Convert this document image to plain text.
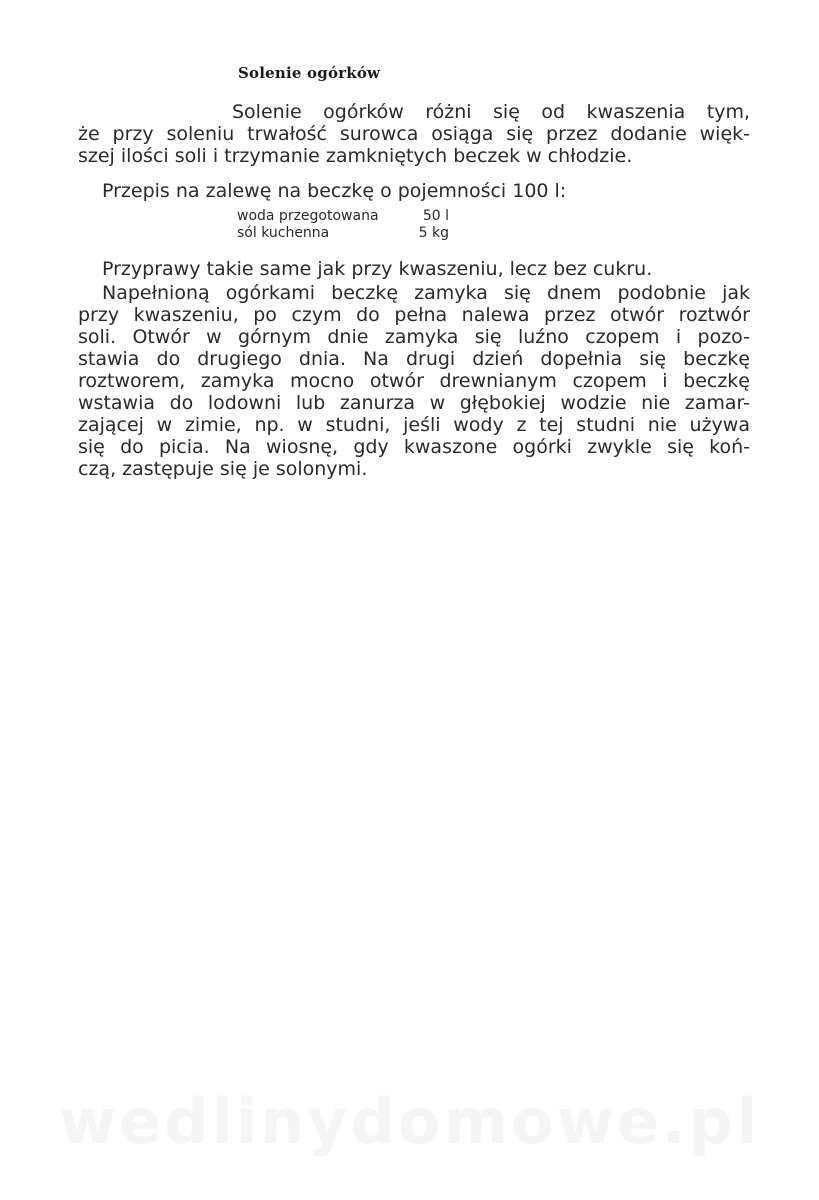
Solenie ogórków
Solenie ogórków różni się od kwaszenia tym,
że przy soleniu trwałość surowca osiąga się przez dodanie więk-
szej ilości soli i trzymanie zamkniętych beczek w chłodzie.
Przepis na zalewę na beczkę o pojemności 100 l:
woda przegotowana	50 l
sól kuchenna	5 kg
Przyprawy takie same jak przy kwaszeniu, lecz bez cukru.
Napełnioną ogórkami beczkę zamyka się dnem podobnie jak
przy kwaszeniu, po czym do pełna nalewa przez otwór roztwór
soli. Otwór w górnym dnie zamyka się luźno czopem i pozo-
stawia do drugiego dnia. Na drugi dzień dopełnia się beczkę
roztworem, zamyka mocno otwór drewnianym czopem i beczkę
wstawia do lodowni lub zanurza w głębokiej wodzie nie zamar-
zającej w zimie, np. w studni, jeśli wody z tej studni nie używa
się do picia. Na wiosnę, gdy kwaszone ogórki zwykle się koń-
czą, zastępuje się je solonymi.
wedlinydomowe.pl
